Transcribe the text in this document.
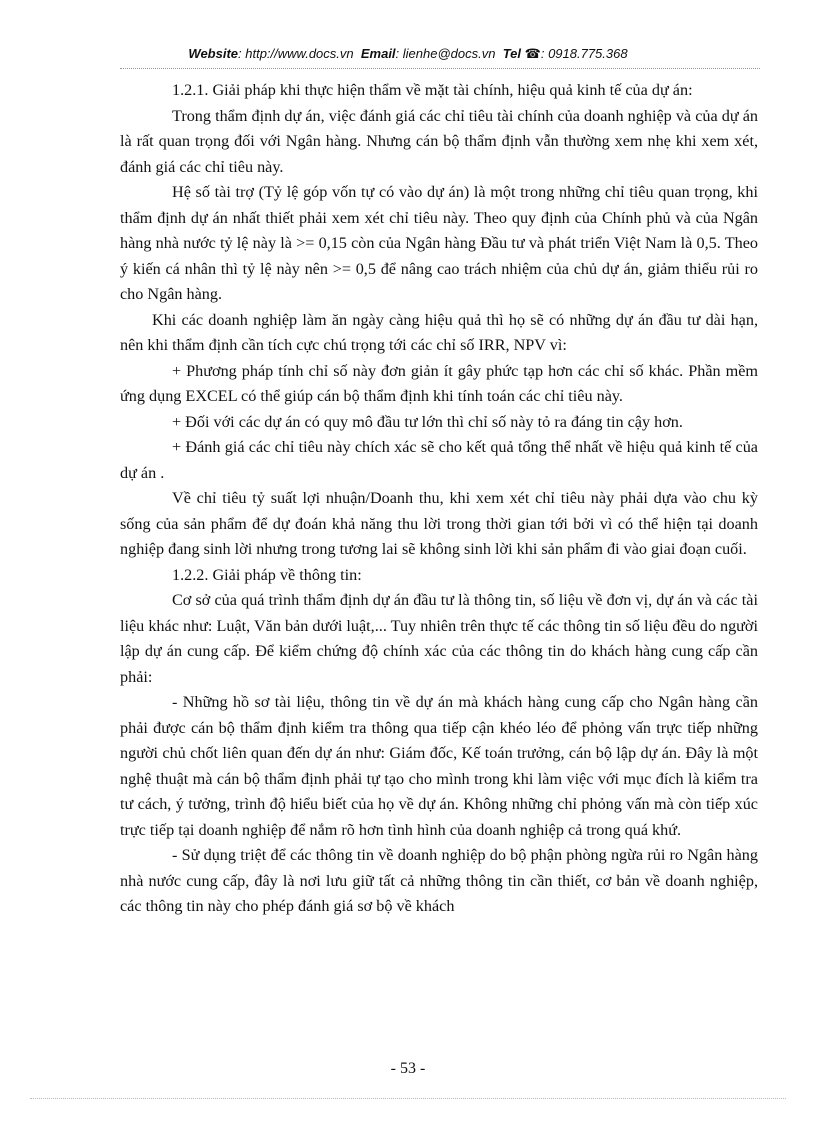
Website: http://www.docs.vn Email: lienhe@docs.vn Tel ☎: 0918.775.368

1.2.1. Giải pháp khi thực hiện thẩm về mặt tài chính, hiệu quả kinh tế của dự án:

Trong thẩm định dự án, việc đánh giá các chỉ tiêu tài chính của doanh nghiệp và của dự án là rất quan trọng đối với Ngân hàng. Nhưng cán bộ thẩm định vẫn thường xem nhẹ khi xem xét, đánh giá các chỉ tiêu này.

Hệ số tài trợ (Tỷ lệ góp vốn tự có vào dự án) là một trong những chỉ tiêu quan trọng, khi thẩm định dự án nhất thiết phải xem xét chỉ tiêu này. Theo quy định của Chính phủ và của Ngân hàng nhà nước tỷ lệ này là >= 0,15 còn của Ngân hàng Đầu tư và phát triển Việt Nam là 0,5. Theo ý kiến cá nhân thì tỷ lệ này nên >= 0,5 để nâng cao trách nhiệm của chủ dự án, giảm thiểu rủi ro cho Ngân hàng.

Khi các doanh nghiệp làm ăn ngày càng hiệu quả thì họ sẽ có những dự án đầu tư dài hạn, nên khi thẩm định cần tích cực chú trọng tới các chỉ số IRR, NPV vì:

+ Phương pháp tính chỉ số này đơn giản ít gây phức tạp hơn các chỉ số khác. Phần mềm ứng dụng EXCEL có thể giúp cán bộ thẩm định khi tính toán các chỉ tiêu này.

+ Đối với các dự án có quy mô đầu tư lớn thì chỉ số này tỏ ra đáng tin cậy hơn.

+ Đánh giá các chỉ tiêu này chích xác sẽ cho kết quả tổng thể nhất về hiệu quả kinh tế của dự án .

Về chỉ tiêu tỷ suất lợi nhuận/Doanh thu, khi xem xét chỉ tiêu này phải dựa vào chu kỳ sống của sản phẩm để dự đoán khả năng thu lời trong thời gian tới bởi vì có thể hiện tại doanh nghiệp đang sinh lời nhưng trong tương lai sẽ không sinh lời khi sản phẩm đi vào giai đoạn cuối.

1.2.2. Giải pháp về thông tin:

Cơ sở của quá trình thẩm định dự án đầu tư là thông tin, số liệu về đơn vị, dự án và các tài liệu khác như: Luật, Văn bản dưới luật,... Tuy nhiên trên thực tế các thông tin số liệu đều do người lập dự án cung cấp. Để kiểm chứng độ chính xác của các thông tin do khách hàng cung cấp cần phải:

- Những hồ sơ tài liệu, thông tin về dự án mà khách hàng cung cấp cho Ngân hàng cần phải được cán bộ thẩm định kiểm tra thông qua tiếp cận khéo léo để phỏng vấn trực tiếp những người chủ chốt liên quan đến dự án như: Giám đốc, Kế toán trưởng, cán bộ lập dự án. Đây là một nghệ thuật mà cán bộ thẩm định phải tự tạo cho mình trong khi làm việc với mục đích là kiểm tra tư cách, ý tưởng, trình độ hiểu biết của họ về dự án. Không những chỉ phỏng vấn mà còn tiếp xúc trực tiếp tại doanh nghiệp để nắm rõ hơn tình hình của doanh nghiệp cả trong quá khứ.

- Sử dụng triệt để các thông tin về doanh nghiệp do bộ phận phòng ngừa rủi ro Ngân hàng nhà nước cung cấp, đây là nơi lưu giữ tất cả những thông tin cần thiết, cơ bản về doanh nghiệp, các thông tin này cho phép đánh giá sơ bộ về khách

- 53 -
